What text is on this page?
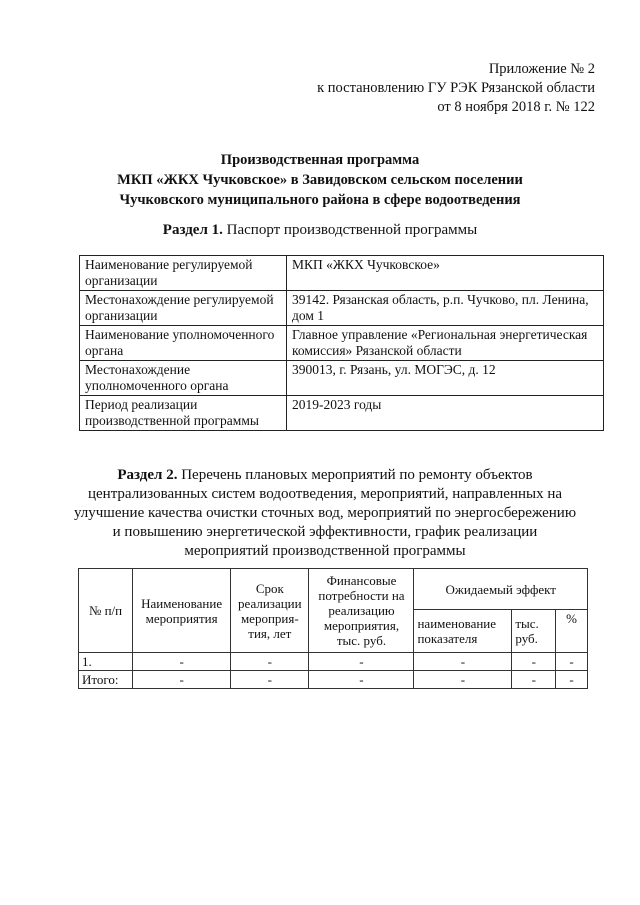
Приложение № 2
к постановлению ГУ РЭК Рязанской области
от 8 ноября 2018 г. № 122
Производственная программа
МКП «ЖКХ Чучковское» в Завидовском сельском поселении
Чучковского муниципального района в сфере водоотведения
Раздел 1. Паспорт производственной программы
Наименование регулируемой организации	МКП «ЖКХ Чучковское»
Местонахождение регулируемой организации	39142. Рязанская область, р.п. Чучково, пл. Ленина, дом 1
Наименование уполномоченного органа	Главное управление «Региональная энергетическая комиссия» Рязанской области
Местонахождение уполномоченного органа	390013, г. Рязань, ул. МОГЭС, д. 12
Период реализации производственной программы	2019-2023 годы
Раздел 2. Перечень плановых мероприятий по ремонту объектов централизованных систем водоотведения, мероприятий, направленных на улучшение качества очистки сточных вод, мероприятий по энергосбережению и повышению энергетической эффективности, график реализации мероприятий производственной программы
№ п/п	Наименование мероприятия	Срок реализации мероприя-тия, лет	Финансовые потребности на реализацию мероприятия, тыс. руб.	Ожидаемый эффект		
				наименование показателя	тыс. руб.	%
1.	-	-	-	-	-	-
Итого:	-	-	-	-	-	-
